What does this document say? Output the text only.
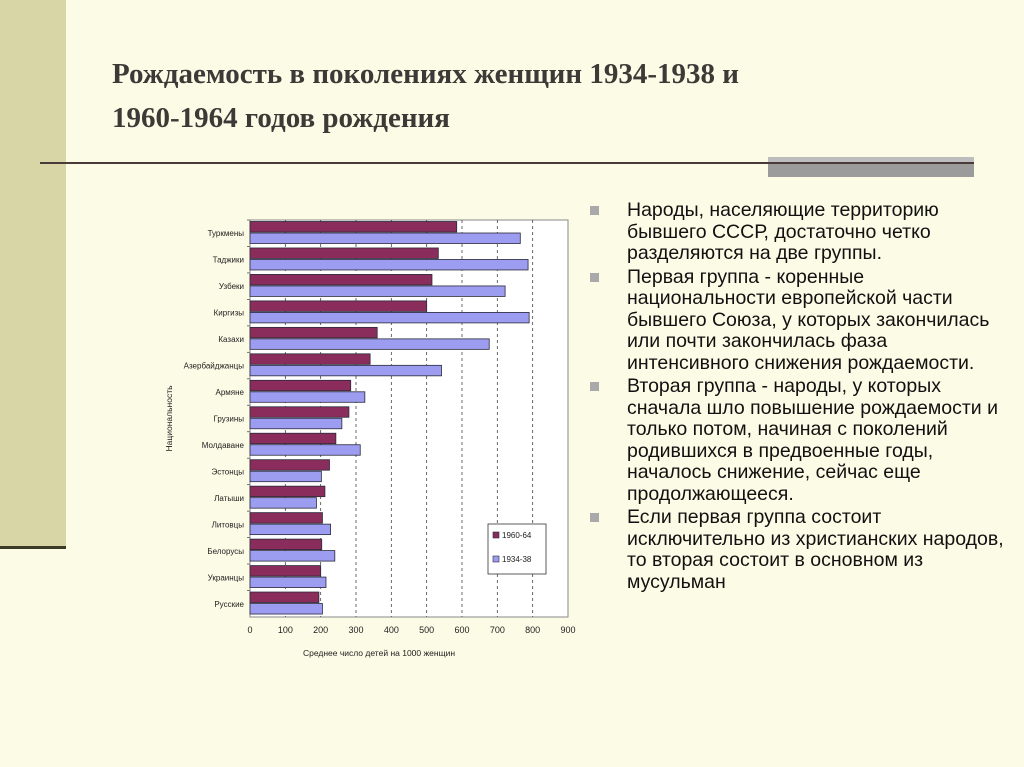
Рождаемость в поколениях женщин 1934-1938 и
1960-1964 годов рождения
Туркмены
Таджики
Узбеки
Киргизы
Казахи
Азербайджанцы
Армяне
Грузины
Молдаване
Эстонцы
Латыши
Литовцы
Белорусы
Украинцы
Русские
0	100 200 300 400 500 600 700 800 900
Среднее число детей на 1000 женщин
Национальность
1960-64
1934-38
Народы, населяющие территорию бывшего СССР, достаточно четко разделяются на две группы.
Первая группа - коренные национальности европейской части бывшего Союза, у которых закончилась или почти закончилась фаза интенсивного снижения рождаемости.
Вторая группа - народы, у которых сначала шло повышение рождаемости и только потом, начиная с поколений родившихся в предвоенные годы, началось снижение, сейчас еще продолжающееся.
Если первая группа состоит исключительно из христианских народов, то вторая состоит в основном из мусульман
